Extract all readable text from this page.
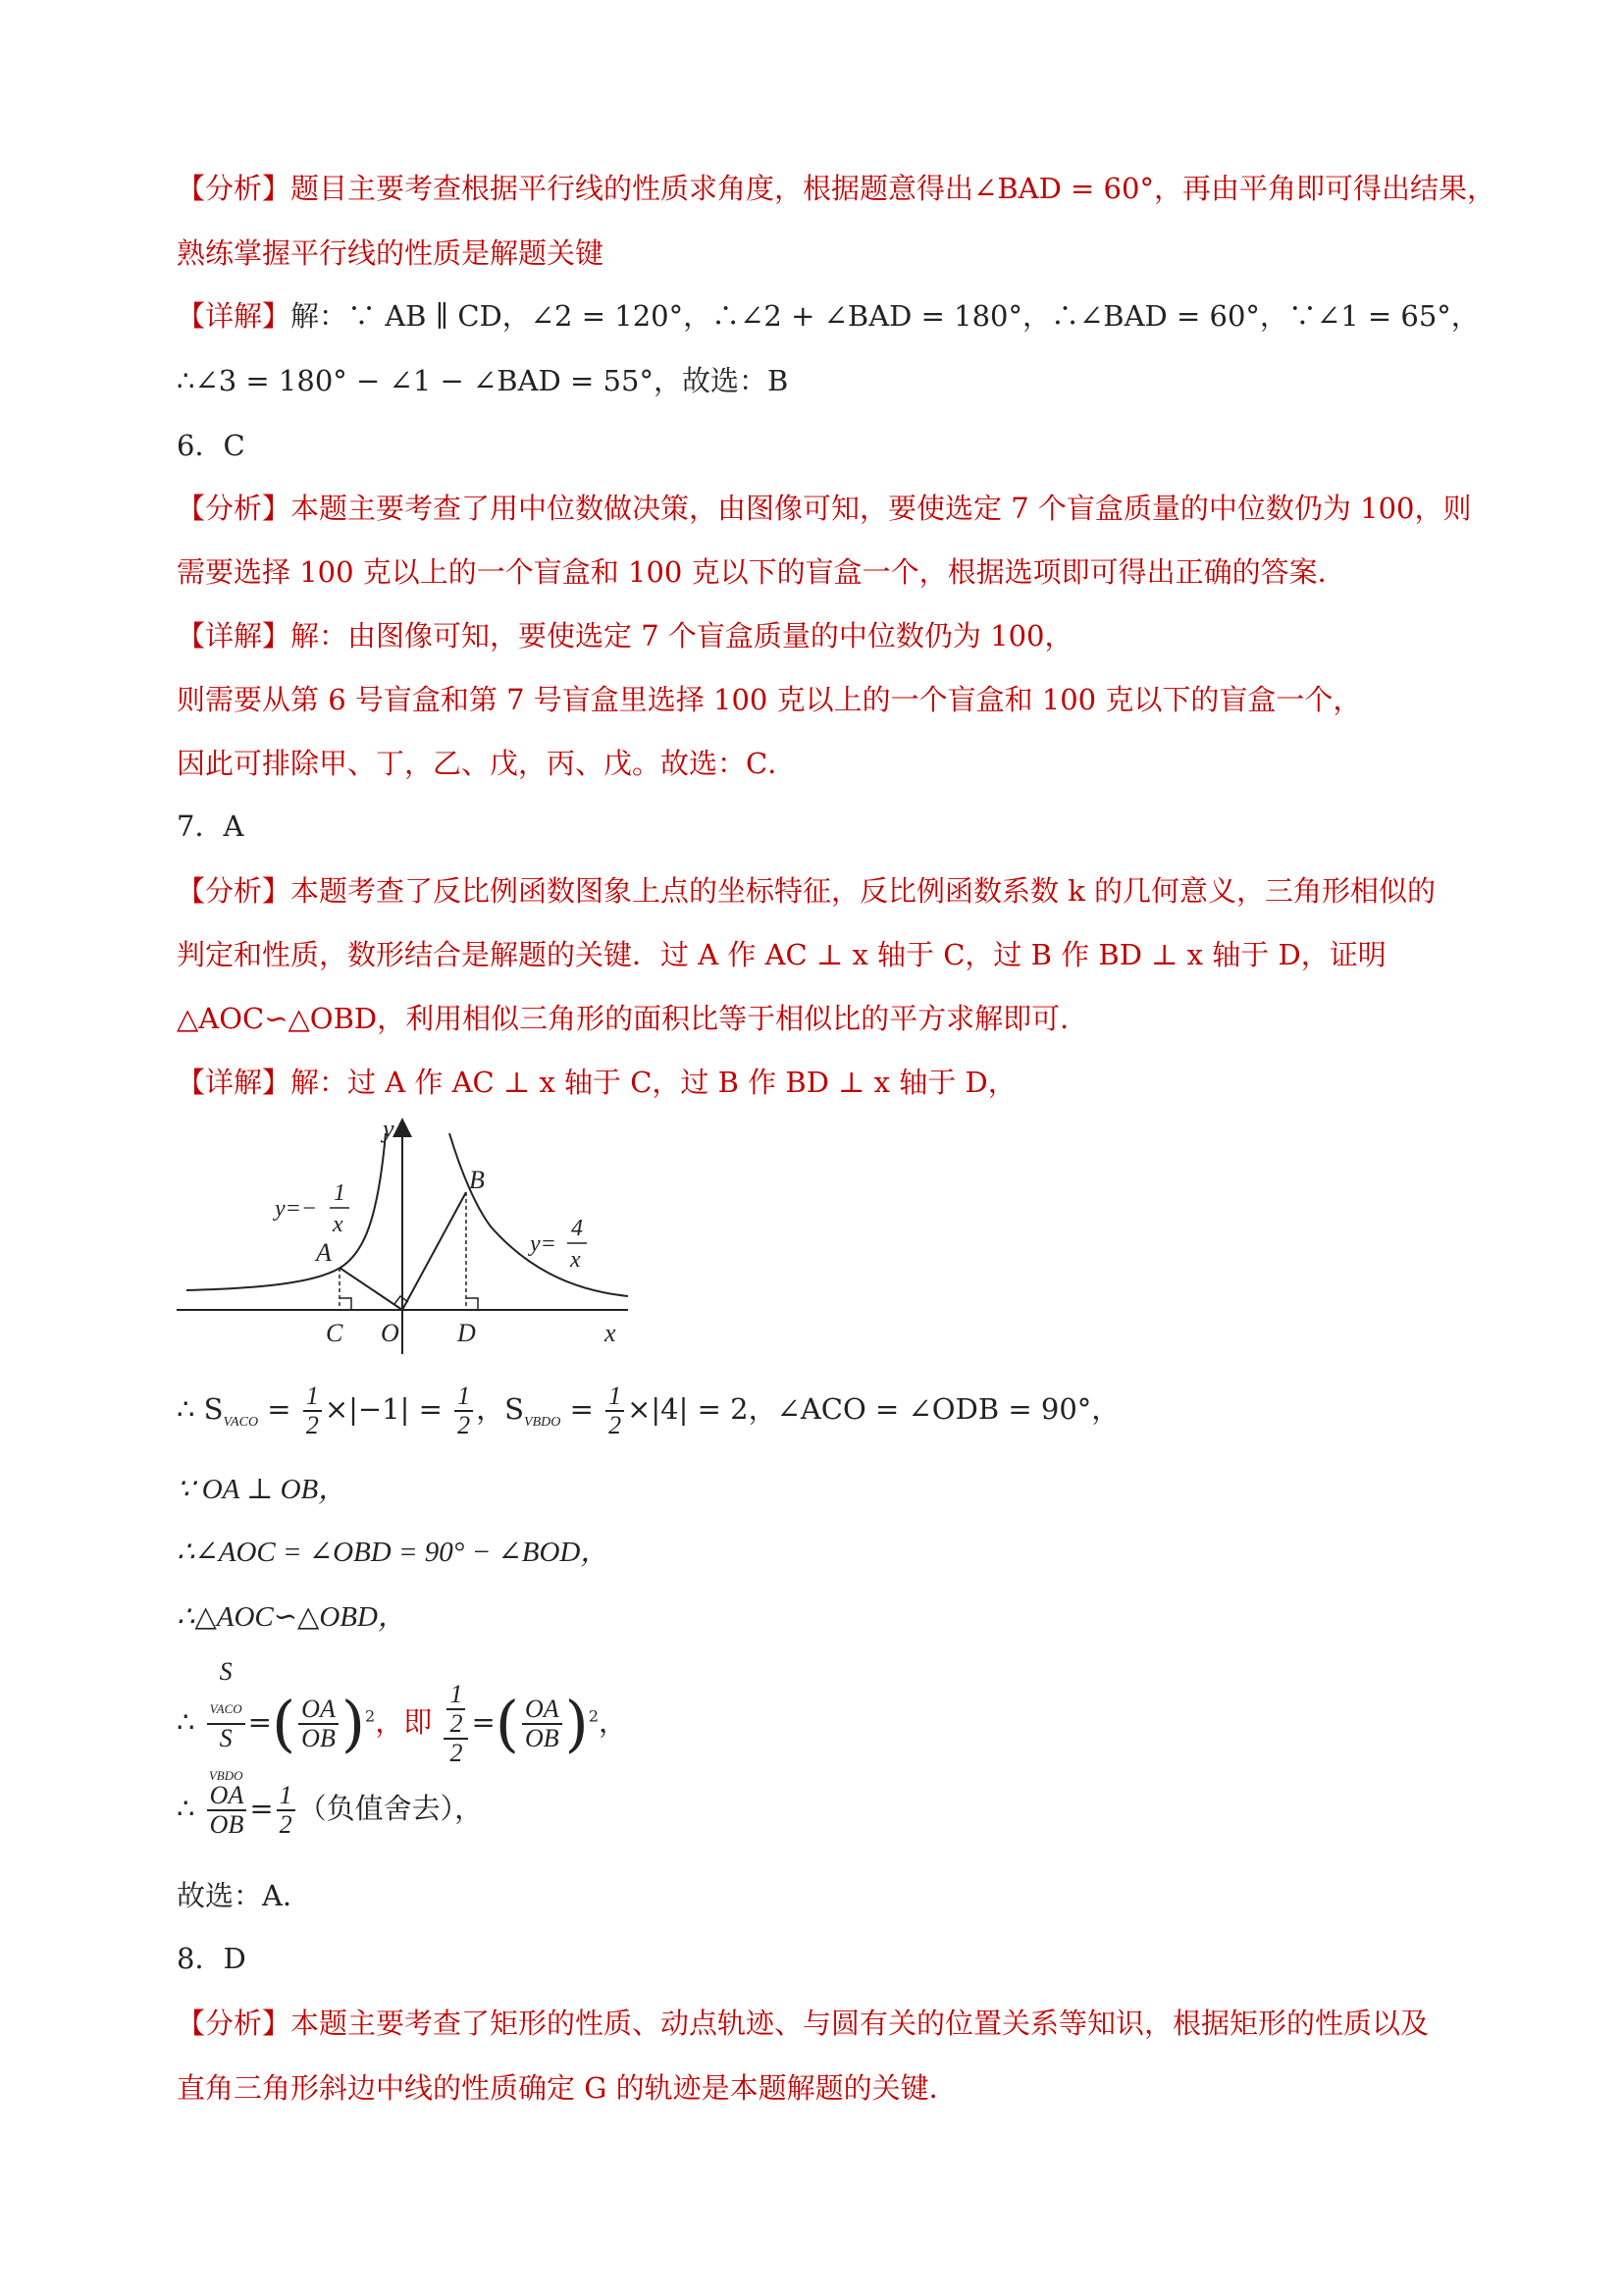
【分析】题目主要考查根据平行线的性质求角度，根据题意得出∠BAD = 60°，再由平角即可得出结果，
熟练掌握平行线的性质是解题关键
【详解】解：∵ AB ∥ CD，∠2 = 120°，∴∠2 + ∠BAD = 180°，∴∠BAD = 60°，∵∠1 = 65°，
∴∠3 = 180° − ∠1 − ∠BAD = 55°，故选：B
6．C
【分析】本题主要考查了用中位数做决策，由图像可知，要使选定 7 个盲盒质量的中位数仍为 100，则
需要选择 100 克以上的一个盲盒和 100 克以下的盲盒一个，根据选项即可得出正确的答案．
【详解】解：由图像可知，要使选定 7 个盲盒质量的中位数仍为 100，
则需要从第 6 号盲盒和第 7 号盲盒里选择 100 克以上的一个盲盒和 100 克以下的盲盒一个，
因此可排除甲、丁，乙、戊，丙、戊。故选：C．
7．A
【分析】本题考查了反比例函数图象上点的坐标特征，反比例函数系数 k 的几何意义，三角形相似的
判定和性质，数形结合是解题的关键．过 A 作 AC ⊥ x 轴于 C，过 B 作 BD ⊥ x 轴于 D，证明
△AOC∽△OBD，利用相似三角形的面积比等于相似比的平方求解即可．
【详解】解：过 A 作 AC ⊥ x 轴于 C，过 B 作 BD ⊥ x 轴于 D，
y
x
y=−
1
x
y=
4
x
A
B
C O D
∴ $S_{VACO} = \frac{1}{2} \times|-1| = \frac{1}{2}$ ，$S_{VBDO} = \frac{1}{2} \times|4| = 2$，∠ACO = ∠ODB = 90°，
∵ OA ⊥ OB，
∴∠AOC = ∠OBD = 90° − ∠BOD，
∴△AOC∽△OBD，
∴ S
$_{VACO}$
S
$_{VBDO}$ =( $\frac{OA}{OB} )^2$，即 1
2
2 =( $\frac{OA}{OB} )^2$，
∴ $\frac{OA}{OB} = \frac{1}{2}$ （负值舍去），
故选：A．
8．D
【分析】本题主要考查了矩形的性质、动点轨迹、与圆有关的位置关系等知识，根据矩形的性质以及
直角三角形斜边中线的性质确定 G 的轨迹是本题解题的关键．
